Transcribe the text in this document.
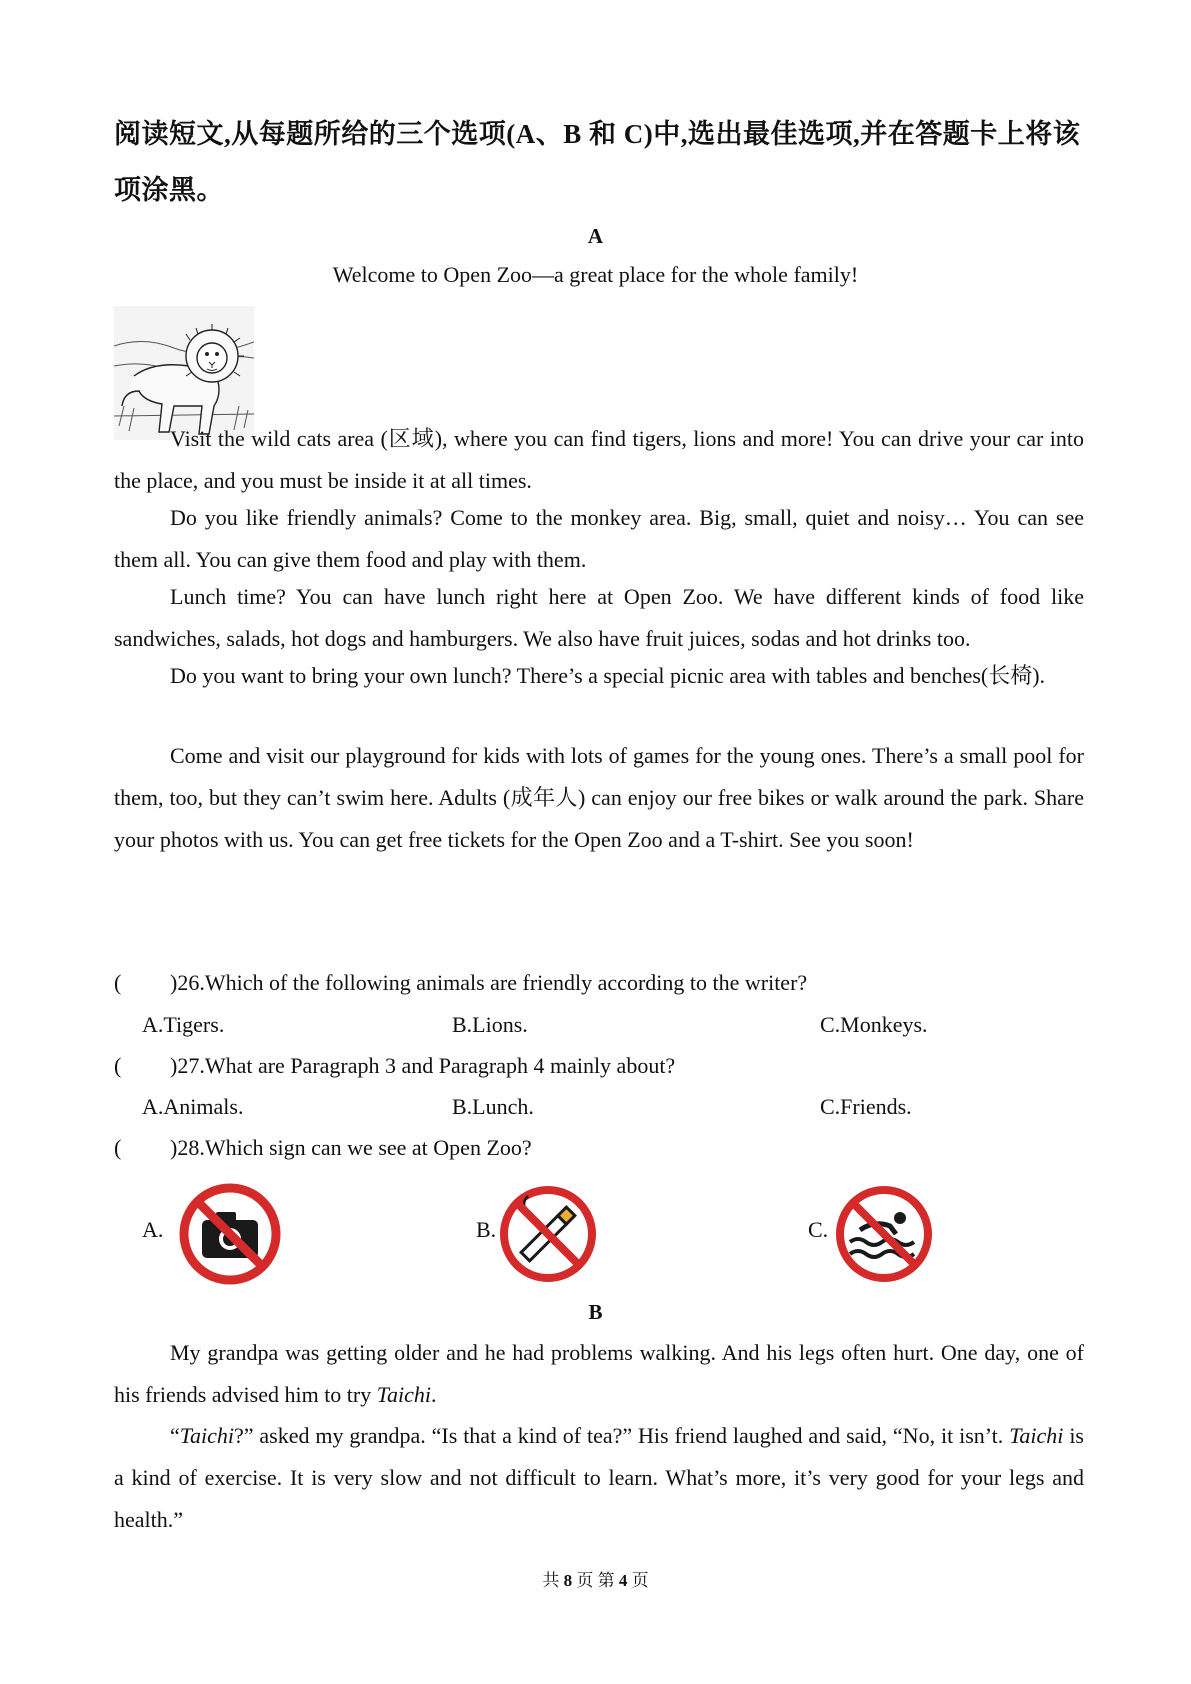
阅读短文,从每题所给的三个选项(A、B 和 C)中,选出最佳选项,并在答题卡上将该项涂黑。
A
Welcome to Open Zoo—a great place for the whole family!
Visit the wild cats area (区域), where you can find tigers, lions and more! You can drive your car into the place, and you must be inside it at all times.
Do you like friendly animals? Come to the monkey area. Big, small, quiet and noisy… You can see them all. You can give them food and play with them.
Lunch time? You can have lunch right here at Open Zoo. We have different kinds of food like sandwiches, salads, hot dogs and hamburgers. We also have fruit juices, sodas and hot drinks too.
Do you want to bring your own lunch? There’s a special picnic area with tables and benches(长椅).
Come and visit our playground for kids with lots of games for the young ones. There’s a small pool for them, too, but they can’t swim here. Adults (成年人) can enjoy our free bikes or walk around the park. Share your photos with us. You can get free tickets for the Open Zoo and a T-shirt. See you soon!
( )26.Which of the following animals are friendly according to the writer?
A.Tigers.	B.Lions.	C.Monkeys.
( )27.What are Paragraph 3 and Paragraph 4 mainly about?
A.Animals.	B.Lunch.	C.Friends.
( )28.Which sign can we see at Open Zoo?
A.	B.	C.
B
My grandpa was getting older and he had problems walking. And his legs often hurt. One day, one of his friends advised him to try Taichi.
“Taichi?” asked my grandpa. “Is that a kind of tea?” His friend laughed and said, “No, it isn’t. Taichi is a kind of exercise. It is very slow and not difficult to learn. What’s more, it’s very good for your legs and health.”
共 8 页 第 4 页
